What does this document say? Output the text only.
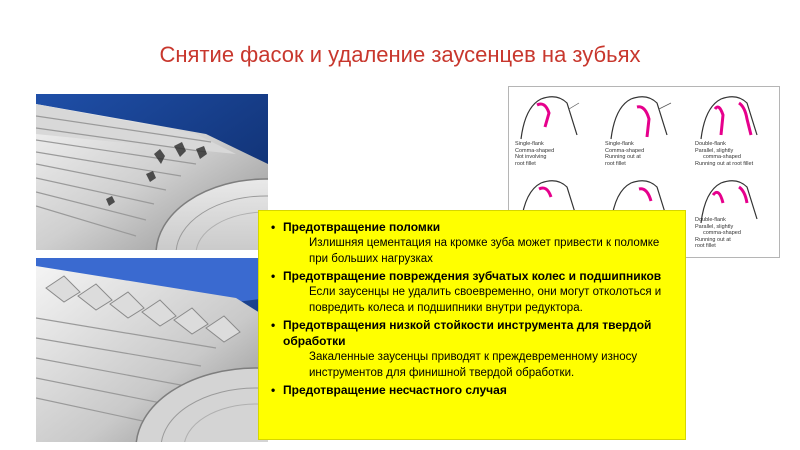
Снятие фасок и удаление заусенцев на зубьях
Single-flank
Comma-shaped
Not involving
root fillet
Single-flank
Comma-shaped
Running out at
root fillet
Double-flank
Parallel, slightly
comma-shaped
Running out at root fillet
Double-flank
Parallel, slightly
comma-shaped
Running out at
root fillet
• Предотвращение поломки
Излишняя цементация на кромке зуба может привести к поломке при больших нагрузках
• Предотвращение повреждения зубчатых колес и подшипников
Если заусенцы не удалить своевременно, они могут отколоться и повредить колеса и подшипники внутри редуктора.
• Предотвращения низкой стойкости инструмента для твердой обработки
Закаленные заусенцы приводят к преждевременному износу инструментов для финишной твердой обработки.
• Предотвращение несчастного случая
